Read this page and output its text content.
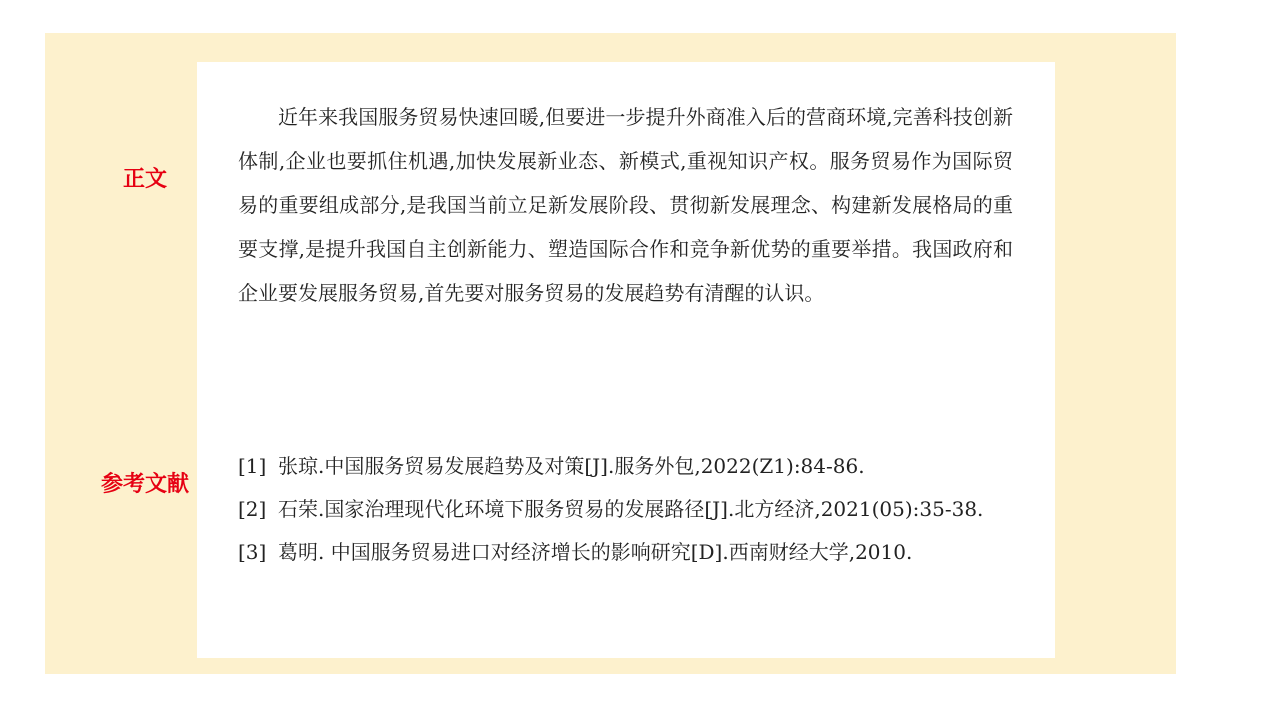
正文
参考文献

近年来我国服务贸易快速回暖,但要进一步提升外商准入后的营商环境,完善科技创新体制,企业也要抓住机遇,加快发展新业态、新模式,重视知识产权。服务贸易作为国际贸易的重要组成部分,是我国当前立足新发展阶段、贯彻新发展理念、构建新发展格局的重要支撑,是提升我国自主创新能力、塑造国际合作和竞争新优势的重要举措。我国政府和企业要发展服务贸易,首先要对服务贸易的发展趋势有清醒的认识。

[1] 张琼.中国服务贸易发展趋势及对策[J].服务外包,2022(Z1):84-86.
[2] 石荣.国家治理现代化环境下服务贸易的发展路径[J].北方经济,2021(05):35-38.
[3] 葛明. 中国服务贸易进口对经济增长的影响研究[D].西南财经大学,2010.
